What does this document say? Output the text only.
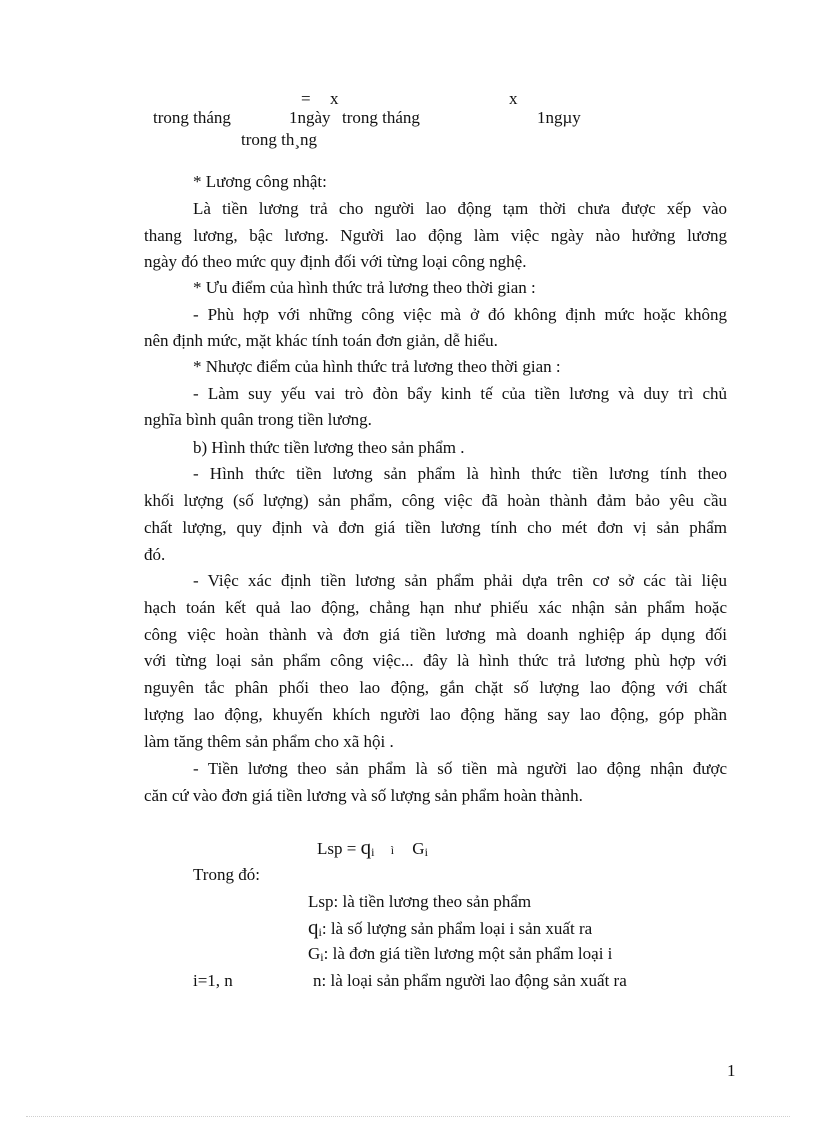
= x	x
trong tháng	1ngày trong tháng	1ngµy
trong th¸ng
* Lương công nhật:
Là tiền lương trả cho người lao động tạm thời chưa được xếp vào
thang lương, bậc lương. Người lao động làm việc ngày nào hưởng lương
ngày đó theo mức quy định đối với từng loại công nghệ.
* Ưu điểm của hình thức trả lương theo thời gian :
- Phù hợp với những công việc mà ở đó không định mức hoặc không
nên định mức, mặt khác tính toán đơn giản, dễ hiểu.
* Nhược điểm của hình thức trả lương theo thời gian :
- Làm suy yếu vai trò đòn bẩy kinh tế của tiền lương và duy trì chủ
nghĩa bình quân trong tiền lương.
b) Hình thức tiền lương theo sản phẩm .
- Hình thức tiền lương sản phẩm là hình thức tiền lương tính theo
khối lượng (số lượng) sản phẩm, công việc đã hoàn thành đảm bảo yêu cầu
chất lượng, quy định và đơn giá tiền lương tính cho mét đơn vị sản phẩm
đó.
- Việc xác định tiền lương sản phẩm phải dựa trên cơ sở các tài liệu
hạch toán kết quả lao động, chẳng hạn như phiếu xác nhận sản phẩm hoặc
công việc hoàn thành và đơn giá tiền lương mà doanh nghiệp áp dụng đối
với từng loại sản phẩm công việc... đây là hình thức trả lương phù hợp với
nguyên tắc phân phối theo lao động, gắn chặt số lượng lao động với chất
lượng lao động, khuyến khích người lao động hăng say lao động, góp phần
làm tăng thêm sản phẩm cho xã hội .
- Tiền lương theo sản phẩm là số tiền mà người lao động nhận được
căn cứ vào đơn giá tiền lương và số lượng sản phẩm hoàn thành.
Lsp = qi ì Gi
Trong đó:
Lsp: là tiền lương theo sản phẩm
qi: là số lượng sản phẩm loại i sản xuất ra
Gi: là đơn giá tiền lương một sản phẩm loại i
i=1, n	n: là loại sản phẩm người lao động sản xuất ra
1
